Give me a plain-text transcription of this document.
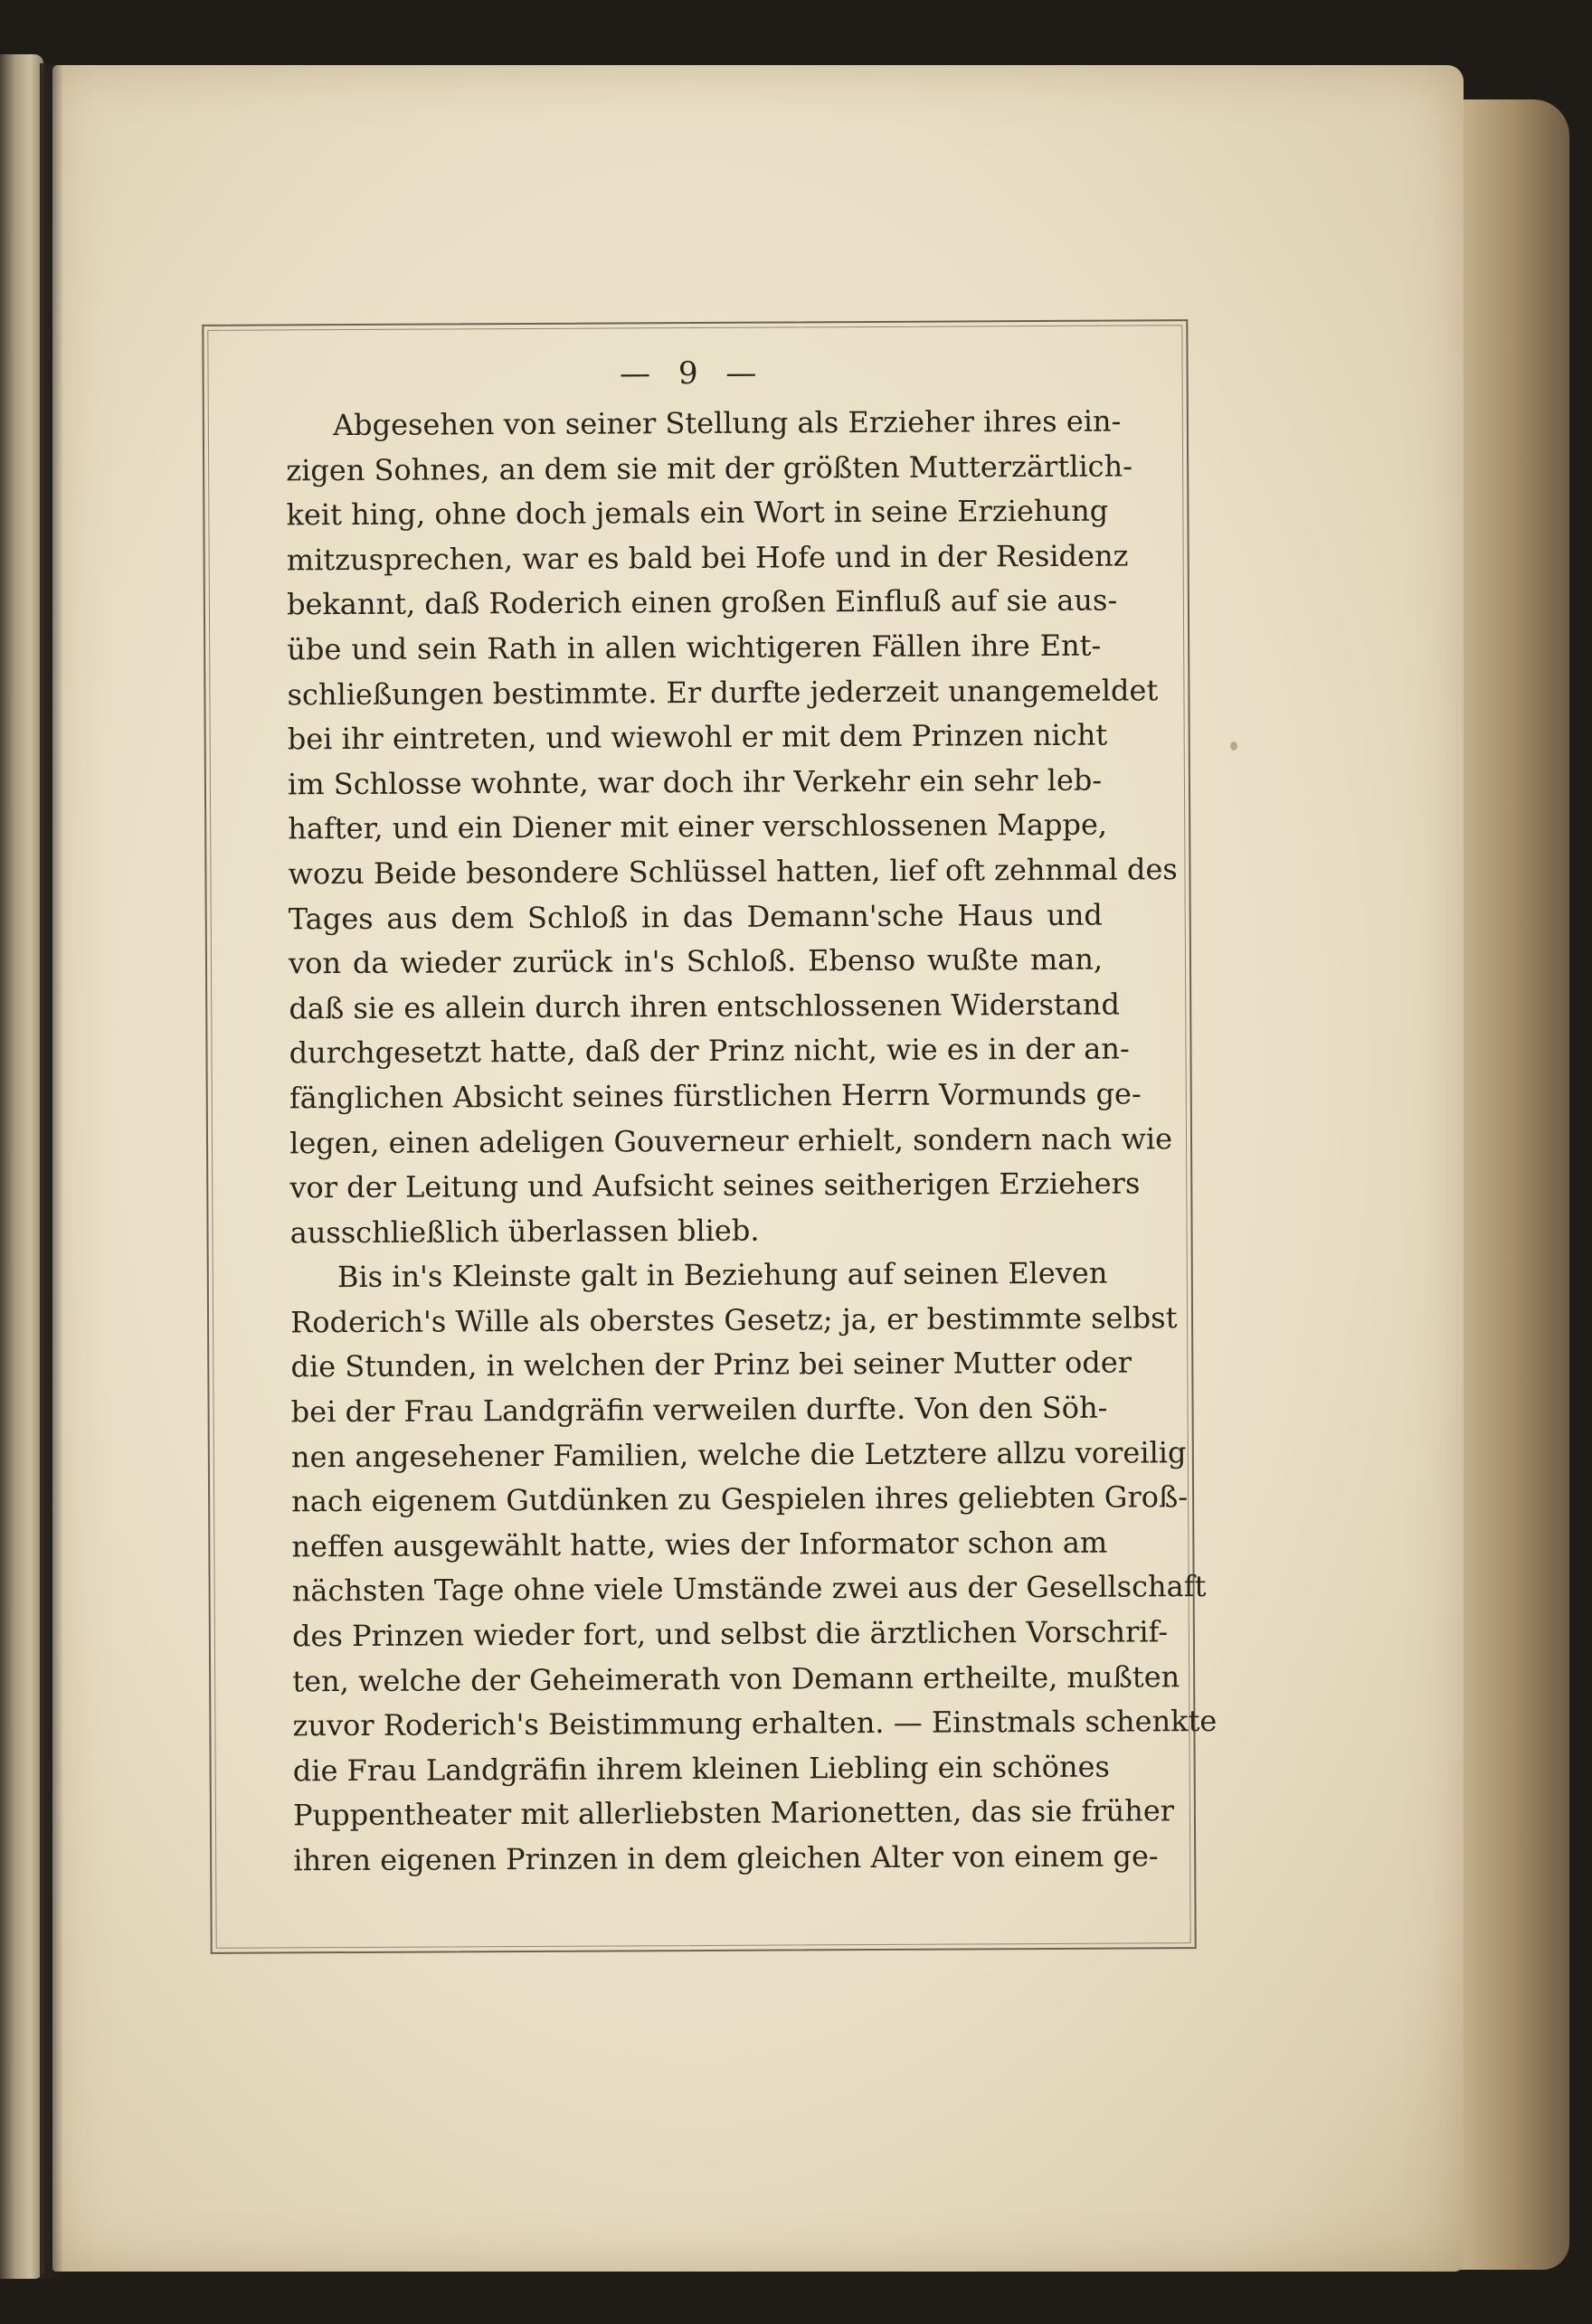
— 9 —
Abgesehen von seiner Stellung als Erzieher ihres ein-
zigen Sohnes, an dem sie mit der größten Mutterzärtlich-
keit hing, ohne doch jemals ein Wort in seine Erziehung
mitzusprechen, war es bald bei Hofe und in der Residenz
bekannt, daß Roderich einen großen Einfluß auf sie aus-
übe und sein Rath in allen wichtigeren Fällen ihre Ent-
schließungen bestimmte. Er durfte jederzeit unangemeldet
bei ihr eintreten, und wiewohl er mit dem Prinzen nicht
im Schlosse wohnte, war doch ihr Verkehr ein sehr leb-
hafter, und ein Diener mit einer verschlossenen Mappe,
wozu Beide besondere Schlüssel hatten, lief oft zehnmal des
Tages aus dem Schloß in das Demann'sche Haus und
von da wieder zurück in's Schloß. Ebenso wußte man,
daß sie es allein durch ihren entschlossenen Widerstand
durchgesetzt hatte, daß der Prinz nicht, wie es in der an-
fänglichen Absicht seines fürstlichen Herrn Vormunds ge-
legen, einen adeligen Gouverneur erhielt, sondern nach wie
vor der Leitung und Aufsicht seines seitherigen Erziehers
ausschließlich überlassen blieb.
Bis in's Kleinste galt in Beziehung auf seinen Eleven
Roderich's Wille als oberstes Gesetz; ja, er bestimmte selbst
die Stunden, in welchen der Prinz bei seiner Mutter oder
bei der Frau Landgräfin verweilen durfte. Von den Söh-
nen angesehener Familien, welche die Letztere allzu voreilig
nach eigenem Gutdünken zu Gespielen ihres geliebten Groß-
neffen ausgewählt hatte, wies der Informator schon am
nächsten Tage ohne viele Umstände zwei aus der Gesellschaft
des Prinzen wieder fort, und selbst die ärztlichen Vorschrif-
ten, welche der Geheimerath von Demann ertheilte, mußten
zuvor Roderich's Beistimmung erhalten. — Einstmals schenkte
die Frau Landgräfin ihrem kleinen Liebling ein schönes
Puppentheater mit allerliebsten Marionetten, das sie früher
ihren eigenen Prinzen in dem gleichen Alter von einem ge-
